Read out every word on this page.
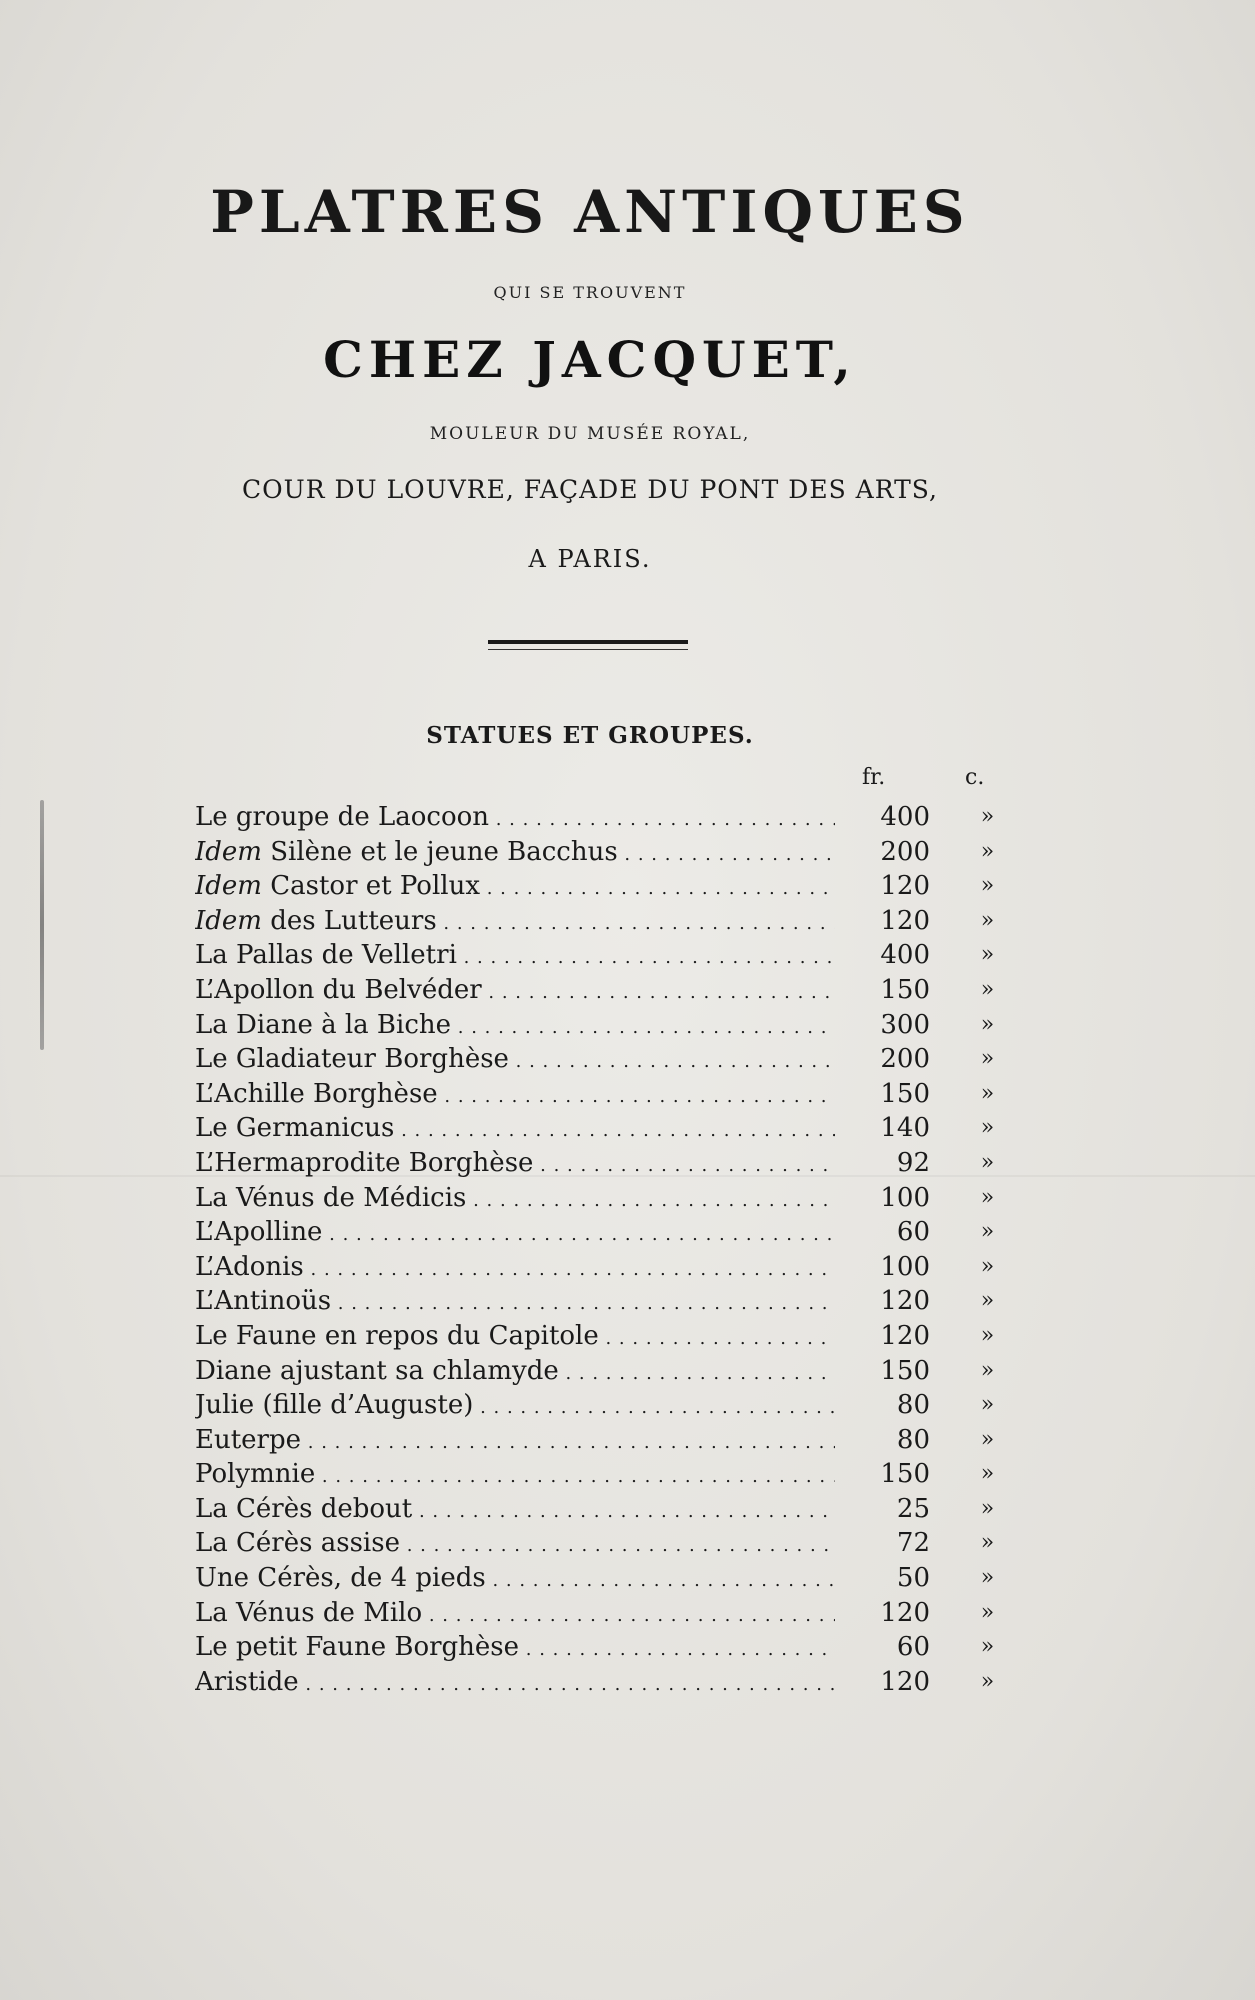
PLATRES ANTIQUES
QUI SE TROUVENT
CHEZ JACQUET,
MOULEUR DU MUSÉE ROYAL,
COUR DU LOUVRE, FAÇADE DU PONT DES ARTS,
A PARIS.
STATUES ET GROUPES.
fr.	c.
Le groupe de Laocoon . . .	400	»
Idem Silène et le jeune Bacchus . . .	200	»
Idem Castor et Pollux . . .	120	»
Idem des Lutteurs . . .	120	»
La Pallas de Velletri . . .	400	»
L’Apollon du Belvéder . . .	150	»
La Diane à la Biche . . .	300	»
Le Gladiateur Borghèse . . .	200	»
L’Achille Borghèse . . .	150	»
Le Germanicus . . .	140	»
L’Hermaprodite Borghèse . . .	92	»
La Vénus de Médicis . . .	100	»
L’Apolline . . .	60	»
L’Adonis . . .	100	»
L’Antinoüs . . .	120	»
Le Faune en repos du Capitole . . .	120	»
Diane ajustant sa chlamyde . . .	150	»
Julie (fille d’Auguste) . . .	80	»
Euterpe . . .	80	»
Polymnie . . .	150	»
La Cérès debout . . .	25	»
La Cérès assise . . .	72	»
Une Cérès, de 4 pieds . . .	50	»
La Vénus de Milo . . .	120	»
Le petit Faune Borghèse . . .	60	»
Aristide . . .	120	»
